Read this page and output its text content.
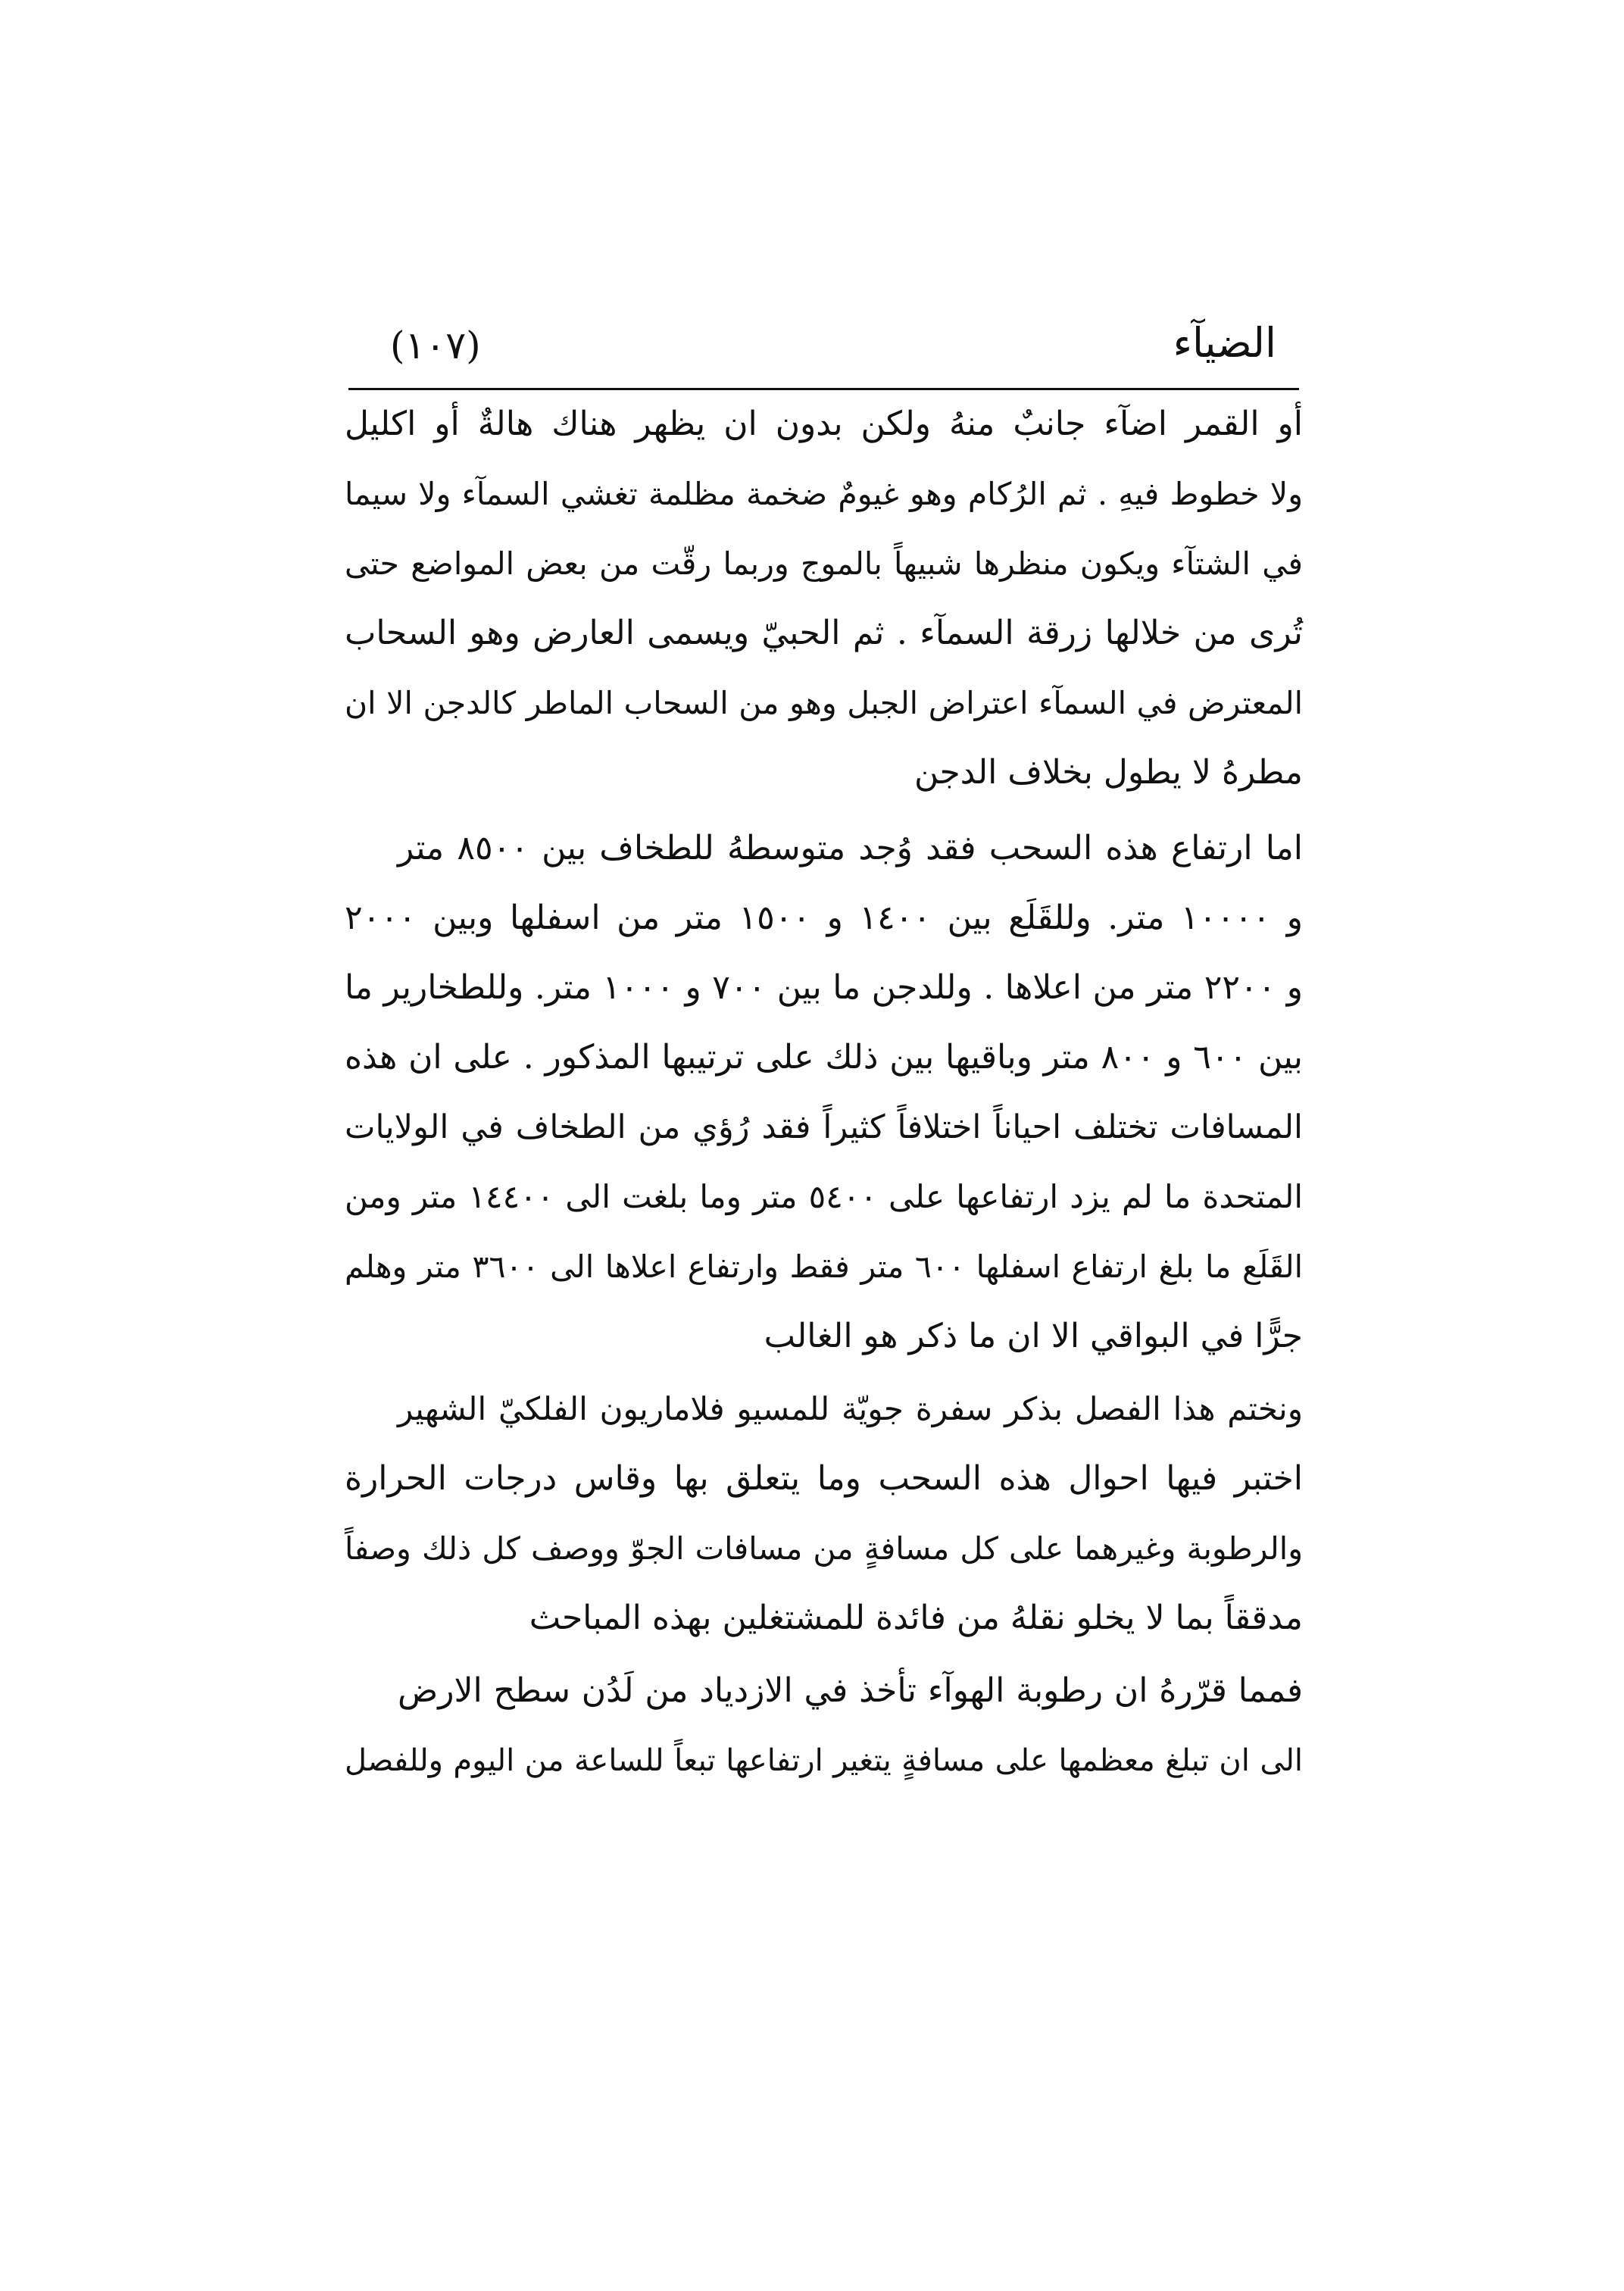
الضيآء
(١٠٧)
أو القمر اضآء جانبٌ منهُ ولكن بدون ان يظهر هناك هالةٌ أو اكليل
ولا خطوط فيهِ . ثم الرُكام وهو غيومٌ ضخمة مظلمة تغشي السمآء ولا سيما
في الشتآء ويكون منظرها شبيهاً بالموج وربما رقّت من بعض المواضع حتى
تُرى من خلالها زرقة السمآء . ثم الحبيّ ويسمى العارض وهو السحاب
المعترض في السمآء اعتراض الجبل وهو من السحاب الماطر كالدجن الا ان
مطرهُ لا يطول بخلاف الدجن
اما ارتفاع هذه السحب فقد وُجد متوسطهُ للطخاف بين ٨٥٠٠ متر
و ١٠٠٠٠ متر. وللقَلَع بين ١٤٠٠ و ١٥٠٠ متر من اسفلها وبين ٢٠٠٠
و ٢٢٠٠ متر من اعلاها . وللدجن ما بين ٧٠٠ و ١٠٠٠ متر. وللطخارير ما
بين ٦٠٠ و ٨٠٠ متر وباقيها بين ذلك على ترتيبها المذكور . على ان هذه
المسافات تختلف احياناً اختلافاً كثيراً فقد رُؤي من الطخاف في الولايات
المتحدة ما لم يزد ارتفاعها على ٥٤٠٠ متر وما بلغت الى ١٤٤٠٠ متر ومن
القَلَع ما بلغ ارتفاع اسفلها ٦٠٠ متر فقط وارتفاع اعلاها الى ٣٦٠٠ متر وهلم
جرًّا في البواقي الا ان ما ذكر هو الغالب
ونختم هذا الفصل بذكر سفرة جويّة للمسيو فلاماريون الفلكيّ الشهير
اختبر فيها احوال هذه السحب وما يتعلق بها وقاس درجات الحرارة
والرطوبة وغيرهما على كل مسافةٍ من مسافات الجوّ ووصف كل ذلك وصفاً
مدققاً بما لا يخلو نقلهُ من فائدة للمشتغلين بهذه المباحث
فمما قرّرهُ ان رطوبة الهوآء تأخذ في الازدياد من لَدُن سطح الارض
الى ان تبلغ معظمها على مسافةٍ يتغير ارتفاعها تبعاً للساعة من اليوم وللفصل
